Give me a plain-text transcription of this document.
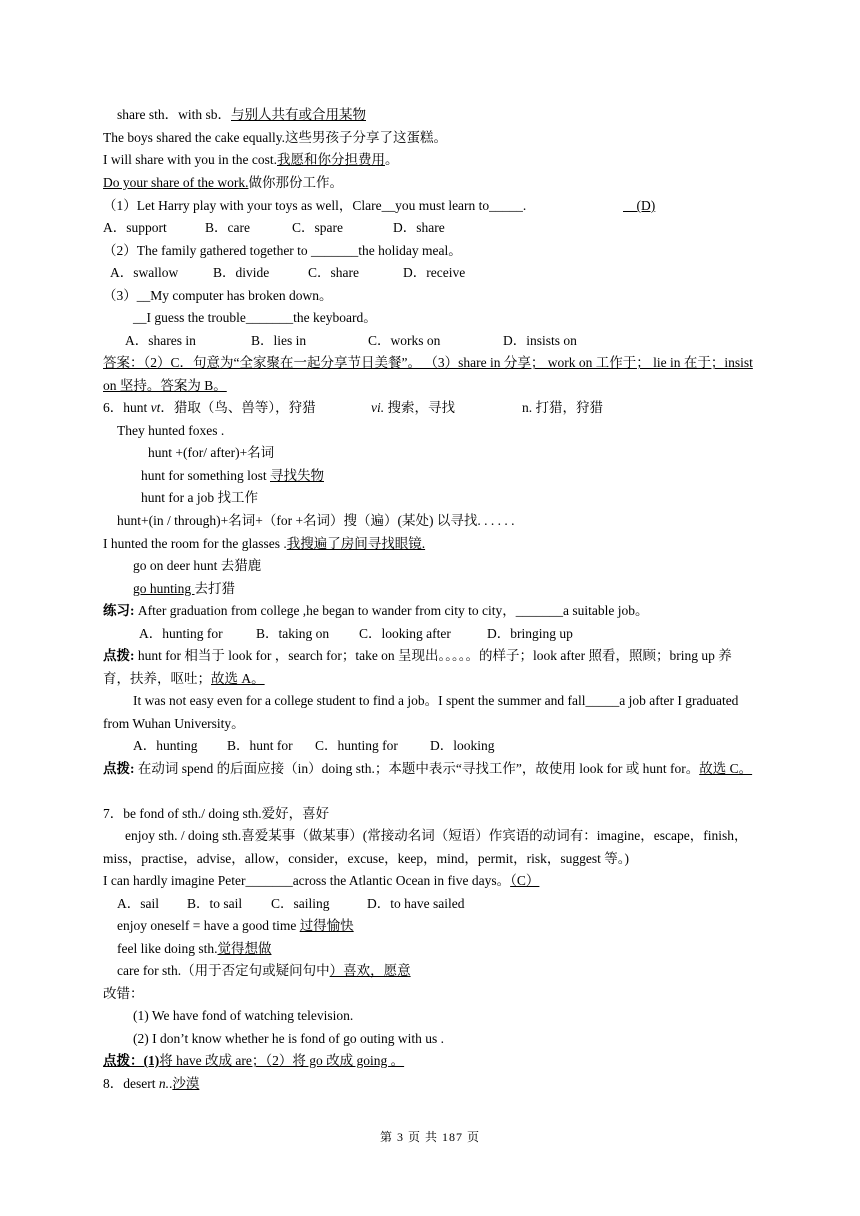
share sth．with sb．与别人共有或合用某物
The boys shared the cake equally.这些男孩子分享了这蛋糕。
I will share with you in the cost.我愿和你分担费用。
Do your share of the work.做你那份工作。
（1）Let Harry play with your toys as well，Clare__you must learn to_____.	(D)
A．support	B．care	C．spare	D．share
（2）The family gathered together to _______the holiday meal。
A．swallow	B．divide	C．share	D．receive
（3）__My computer has broken down。
__I guess the trouble_______the keyboard。
A．shares in	B．lies in	C．works on	D．insists on
答案：（2）C．句意为“全家聚在一起分享节日美餐”。 （3）share in 分享； work on 工作于； lie in 在于；insist on 坚持。答案为 B。
6．hunt vt．猎取（鸟、兽等），狩猎	vi. 搜索，寻找	n. 打猎，狩猎
They hunted foxes .
hunt +(for/ after)+名词
hunt for something lost 寻找失物
hunt for a job 找工作
hunt+(in / through)+名词+（for +名词）搜（遍）(某处) 以寻找. . . . . .
I hunted the room for the glasses .我搜遍了房间寻找眼镜.
go on deer hunt 去猎鹿
go hunting 去打猎
练习: After graduation from college ,he began to wander from city to city，_______a suitable job。
A．hunting for B．taking on C．looking after	D．bringing up
点拨: hunt for 相当于 look for ，search for；take on 呈现出。。。。。的样子；look after 照看，照顾；bring up 养育，扶养，呕吐；故选 A。
It was not easy even for a college student to find a job。I spent the summer and fall_____a job after I graduated from Wuhan University。
A．hunting B．hunt for C．hunting for D．looking
点拨: 在动词 spend 的后面应接（in）doing sth.；本题中表示“寻找工作”，故使用 look for 或 hunt for。故选 C。
7．be fond of sth./ doing sth.爱好，喜好
enjoy sth. / doing sth.喜爱某事（做某事）(常接动名词（短语）作宾语的动词有：imagine，escape，finish，miss，practise，advise，allow，consider，excuse，keep，mind，permit，risk，suggest 等。)
I can hardly imagine Peter_______across the Atlantic Ocean in five days。（C）
A．sail B．to sail C．sailing	D．to have sailed
enjoy oneself = have a good time 过得愉快
feel like doing sth.觉得想做
care for sth.（用于否定句或疑问句中）喜欢，愿意
改错：
(1) We have fond of watching television.
(2) I don’t know whether he is fond of go outing with us .
点拨：(1)将 have 改成 are；（2）将 go 改成 going 。
8．desert n..沙漠
第 3 页 共 187 页
